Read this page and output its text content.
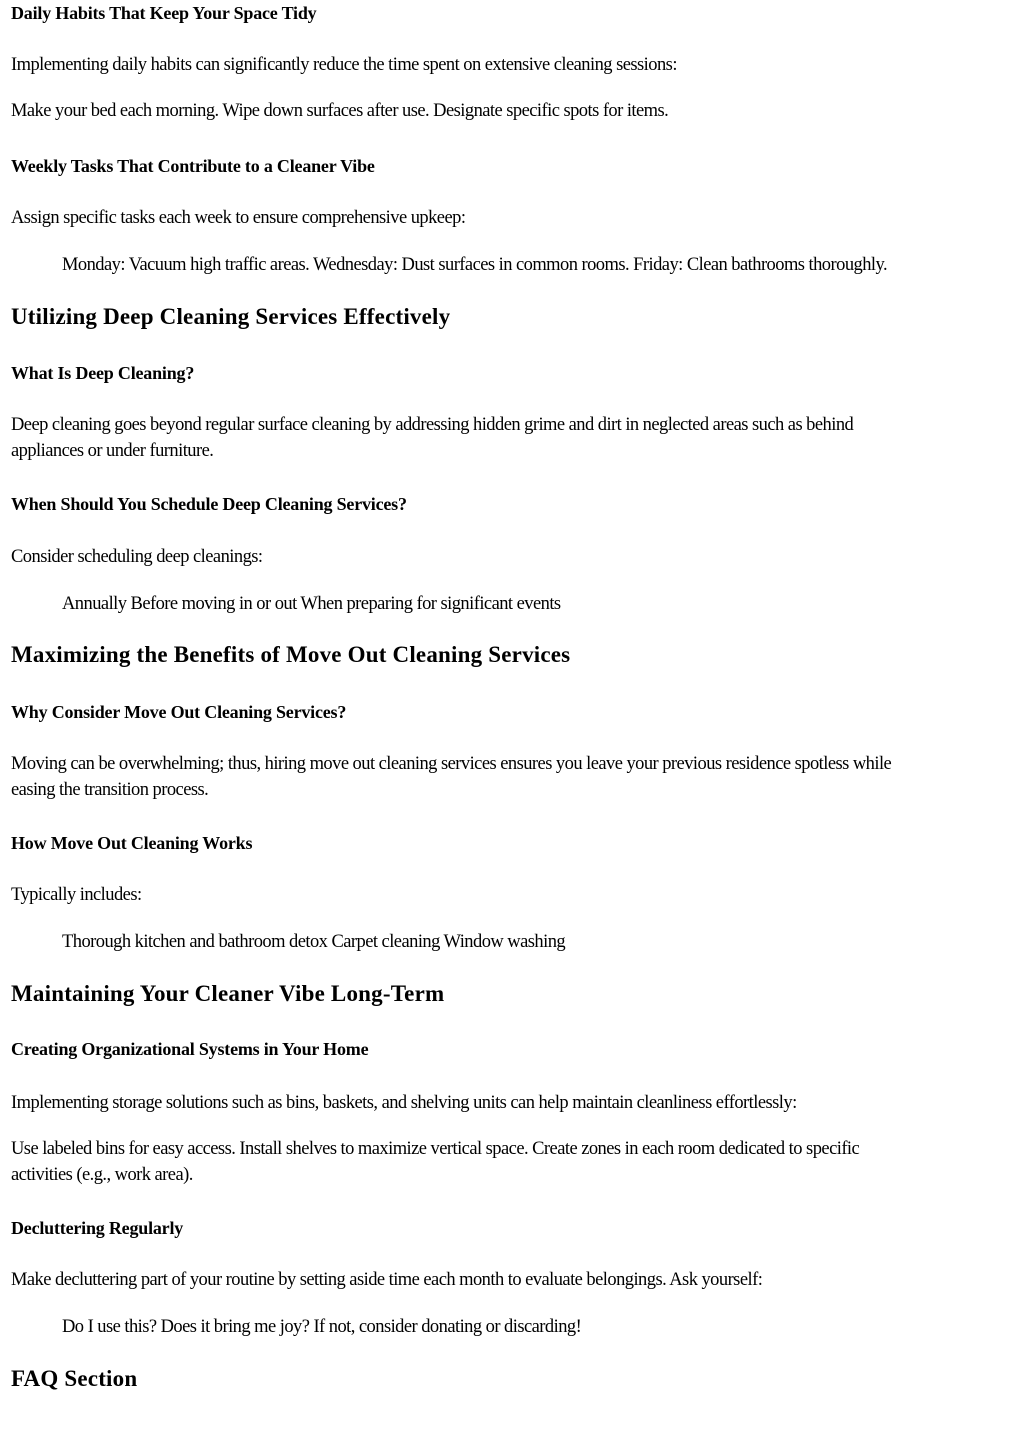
Daily Habits That Keep Your Space Tidy

Implementing daily habits can significantly reduce the time spent on extensive cleaning sessions:

Make your bed each morning. Wipe down surfaces after use. Designate specific spots for items.

Weekly Tasks That Contribute to a Cleaner Vibe

Assign specific tasks each week to ensure comprehensive upkeep:

Monday: Vacuum high traffic areas. Wednesday: Dust surfaces in common rooms. Friday: Clean bathrooms thoroughly.

Utilizing Deep Cleaning Services Effectively
What Is Deep Cleaning?

Deep cleaning goes beyond regular surface cleaning by addressing hidden grime and dirt in neglected areas such as behind

appliances or under furniture.

When Should You Schedule Deep Cleaning Services?

Consider scheduling deep cleanings:

Annually Before moving in or out When preparing for significant events

Maximizing the Benefits of Move Out Cleaning Services
Why Consider Move Out Cleaning Services?

Moving can be overwhelming; thus, hiring move out cleaning services ensures you leave your previous residence spotless while

easing the transition process.

How Move Out Cleaning Works

Typically includes:

Thorough kitchen and bathroom detox Carpet cleaning Window washing

Maintaining Your Cleaner Vibe Long-Term
Creating Organizational Systems in Your Home

Implementing storage solutions such as bins, baskets, and shelving units can help maintain cleanliness effortlessly:

Use labeled bins for easy access. Install shelves to maximize vertical space. Create zones in each room dedicated to specific

activities (e.g., work area).

Decluttering Regularly

Make decluttering part of your routine by setting aside time each month to evaluate belongings. Ask yourself:

Do I use this? Does it bring me joy? If not, consider donating or discarding!

FAQ Section
